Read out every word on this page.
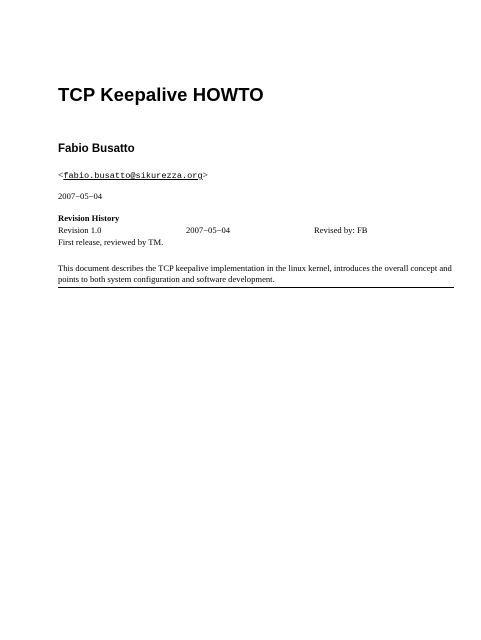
TCP Keepalive HOWTO
Fabio Busatto
<fabio.busatto@sikurezza.org>
2007−05−04
Revision History
Revision 1.0	2007−05−04	Revised by: FB
First release, reviewed by TM.

This document describes the TCP keepalive implementation in the linux kernel, introduces the overall concept and points to both system configuration and software development.
